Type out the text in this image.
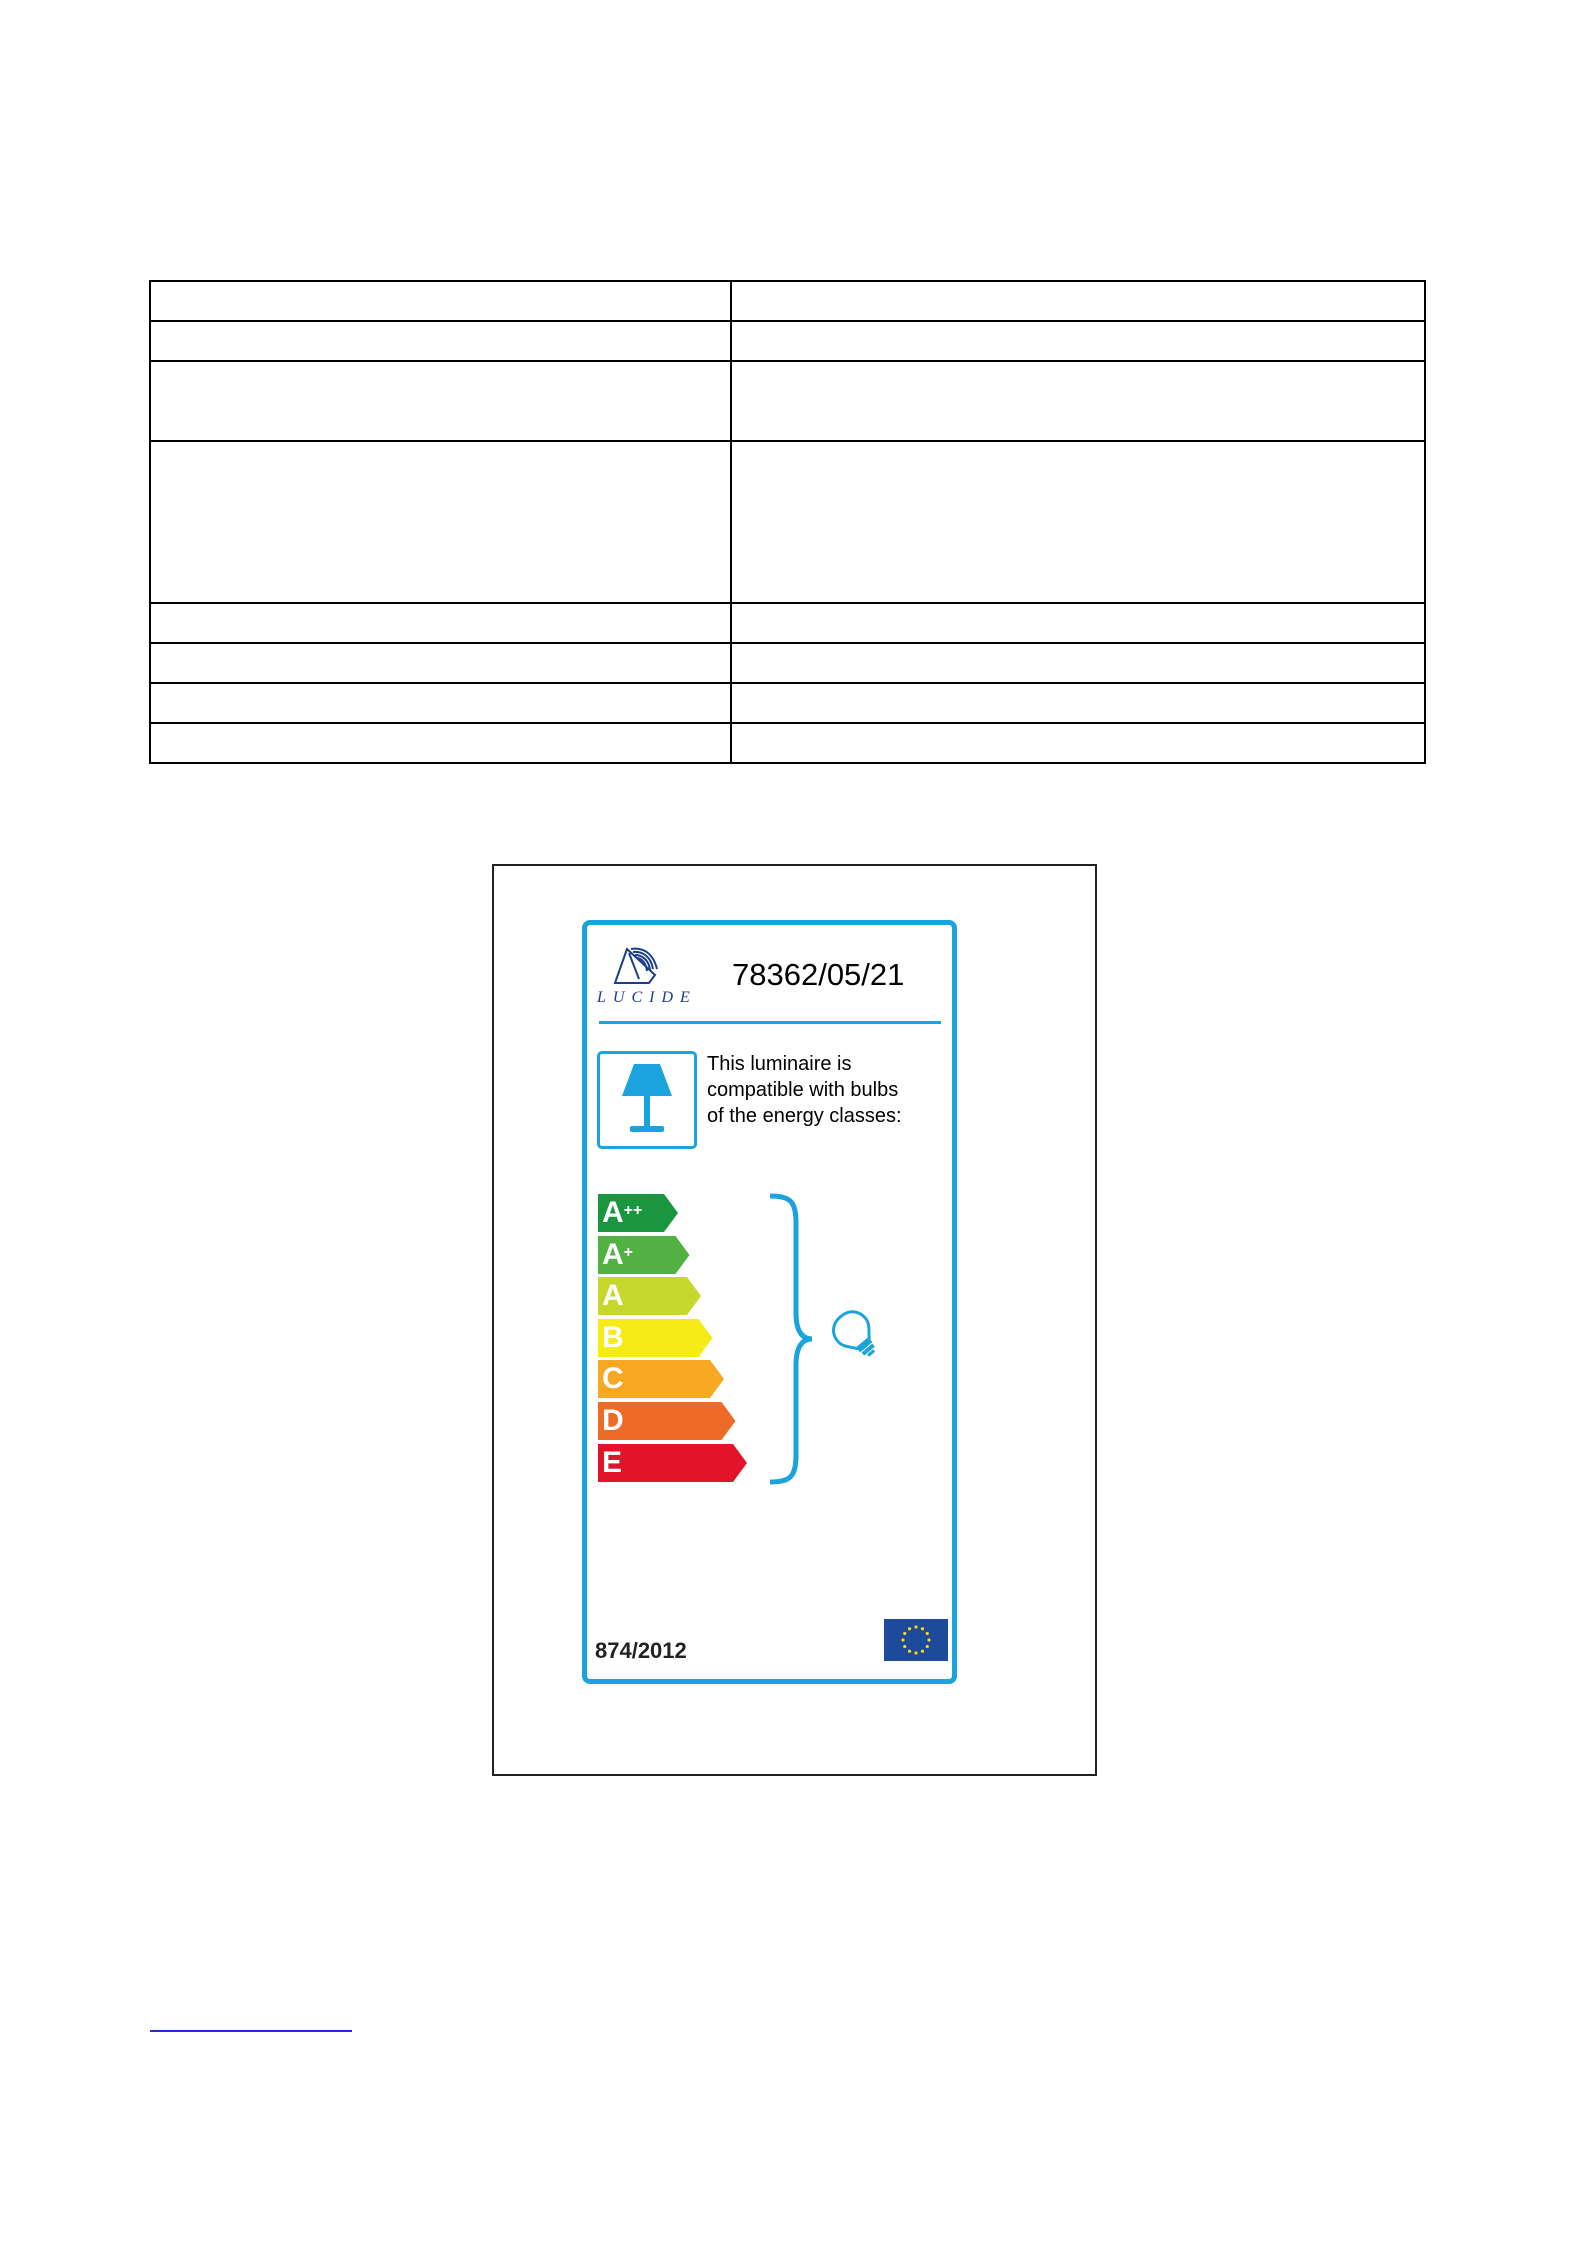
LUCIDE
78362/05/21
This luminaire is
compatible with bulbs
of the energy classes:
A++
A+
A
B
C
D
E
874/2012
